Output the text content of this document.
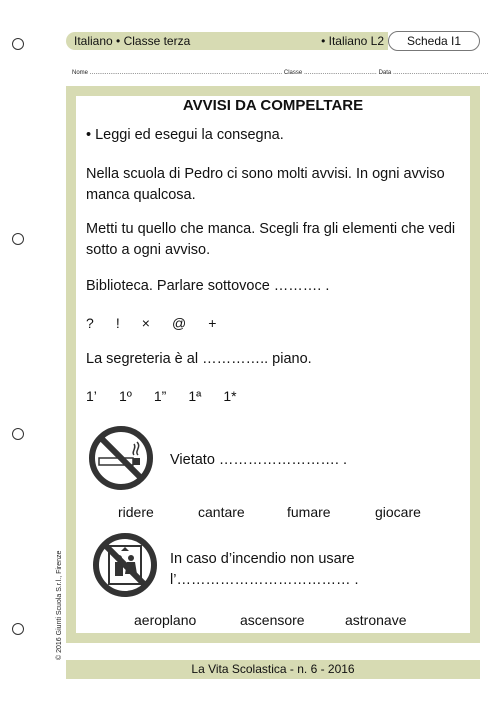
Italiano • Classe terza	• Italiano L2	Scheda I1
Nome ....................................................................................................... Classe ....................................... Data ...................................................
AVVISI DA COMPELTARE
• Leggi ed esegui la consegna.
Nella scuola di Pedro ci sono molti avvisi. In ogni avviso
manca qualcosa.
Metti tu quello che manca. Scegli fra gli elementi che vedi
sotto a ogni avviso.
Biblioteca. Parlare sottovoce ………. .
? ! × @ +
La segreteria è al ………….. piano.
1’ 1º 1” 1ª 1*
Vietato ……………………. .
ridere	cantare	fumare	giocare
In caso d’incendio non usare
l’……………………………… .
aeroplano	ascensore	astronave
© 2016 Giunti Scuola S.r.l., Firenze
La Vita Scolastica - n. 6 - 2016
